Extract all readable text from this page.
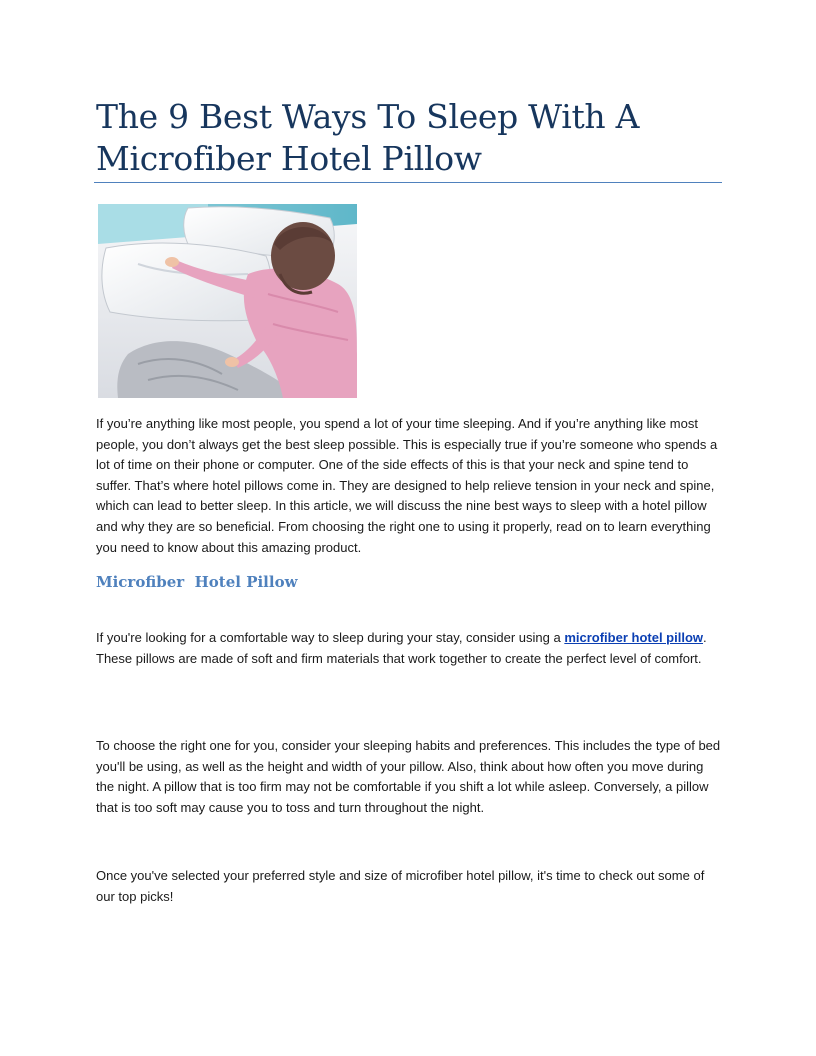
The 9 Best Ways To Sleep With A Microfiber Hotel Pillow

If you’re anything like most people, you spend a lot of your time sleeping. And if you’re anything like most people, you don’t always get the best sleep possible. This is especially true if you’re someone who spends a lot of time on their phone or computer. One of the side effects of this is that your neck and spine tend to suffer. That’s where hotel pillows come in. They are designed to help relieve tension in your neck and spine, which can lead to better sleep. In this article, we will discuss the nine best ways to sleep with a hotel pillow and why they are so beneficial. From choosing the right one to using it properly, read on to learn everything you need to know about this amazing product.

Microfiber  Hotel Pillow

If you're looking for a comfortable way to sleep during your stay, consider using a microfiber hotel pillow. These pillows are made of soft and firm materials that work together to create the perfect level of comfort.

To choose the right one for you, consider your sleeping habits and preferences. This includes the type of bed you'll be using, as well as the height and width of your pillow. Also, think about how often you move during the night. A pillow that is too firm may not be comfortable if you shift a lot while asleep. Conversely, a pillow that is too soft may cause you to toss and turn throughout the night.

Once you've selected your preferred style and size of microfiber hotel pillow, it's time to check out some of our top picks!
